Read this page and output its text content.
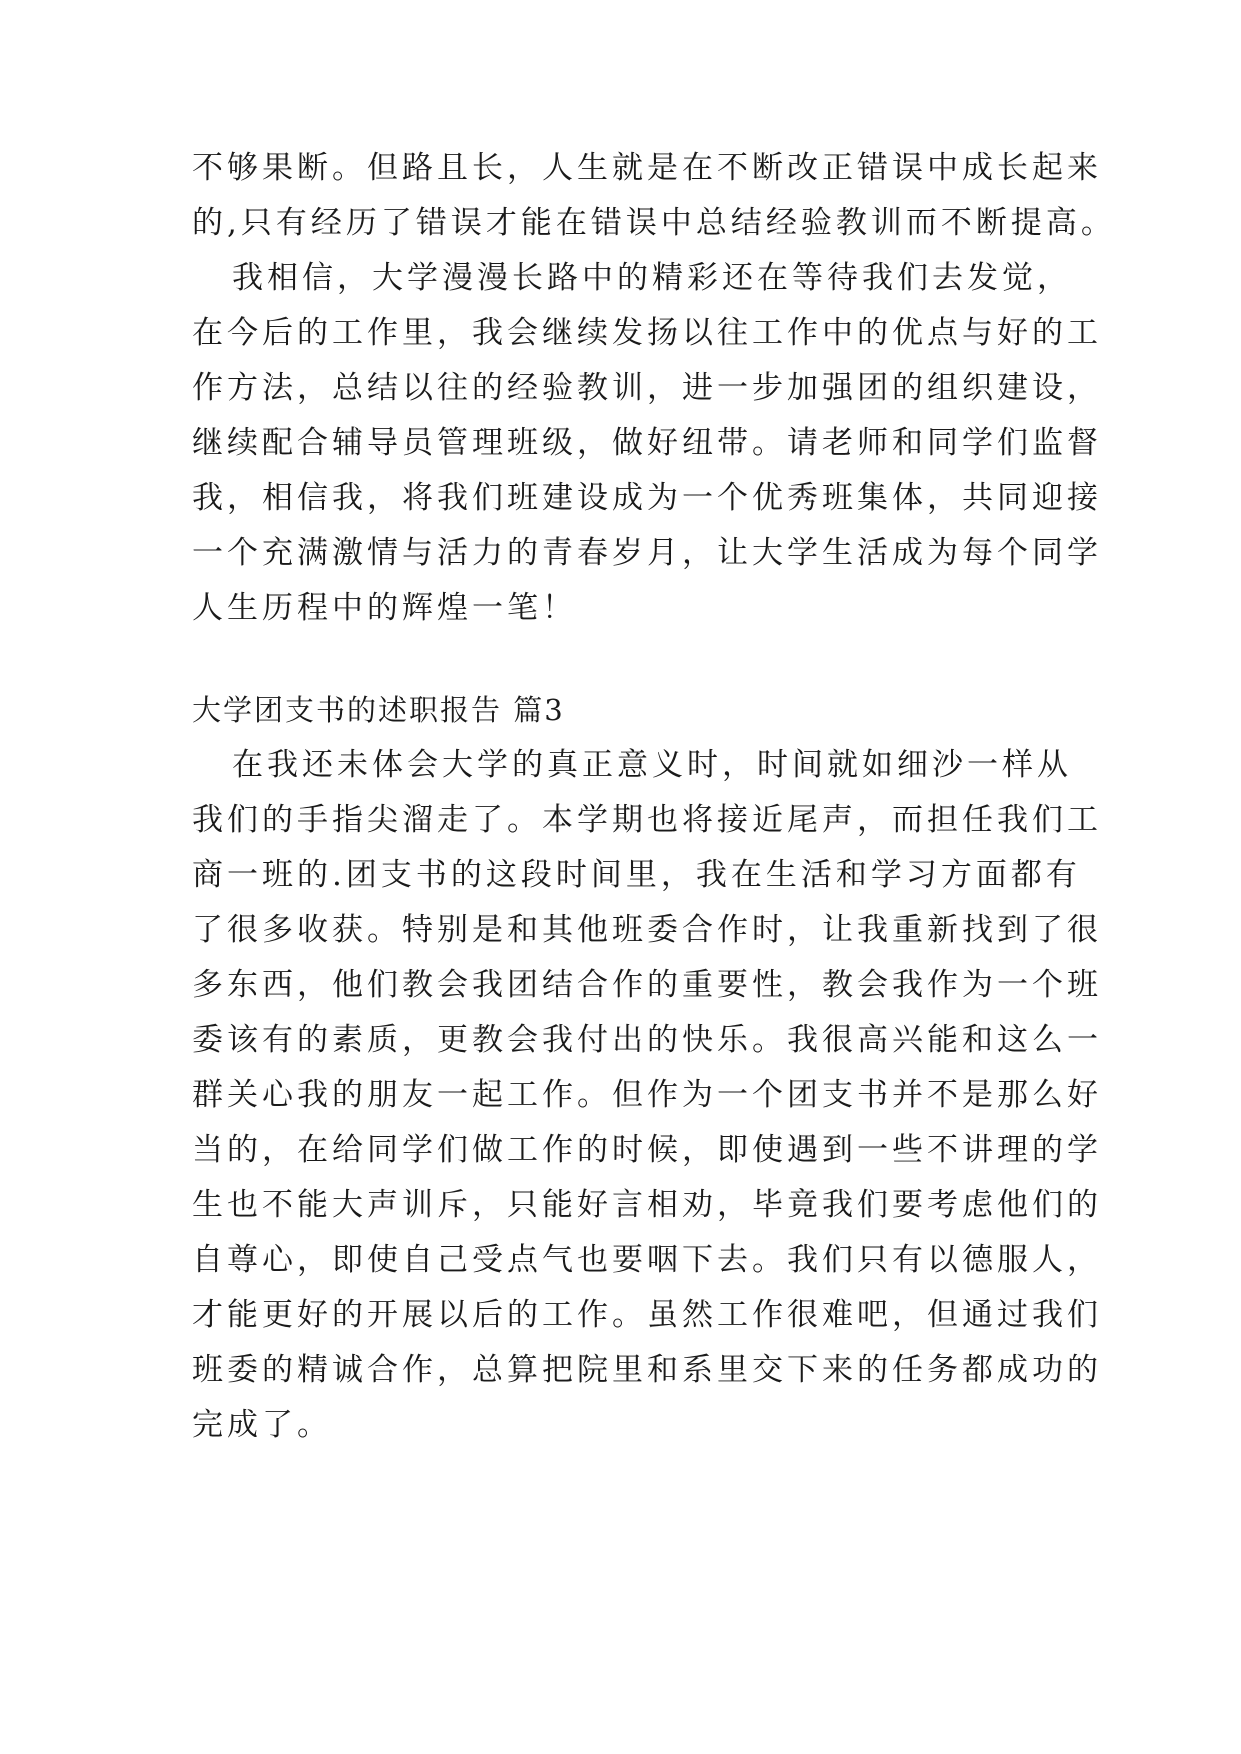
不够果断。但路且长，人生就是在不断改正错误中成长起来
的,只有经历了错误才能在错误中总结经验教训而不断提高。
我相信，大学漫漫长路中的精彩还在等待我们去发觉，
在今后的工作里，我会继续发扬以往工作中的优点与好的工
作方法，总结以往的经验教训，进一步加强团的组织建设，
继续配合辅导员管理班级，做好纽带。请老师和同学们监督
我，相信我，将我们班建设成为一个优秀班集体，共同迎接
一个充满激情与活力的青春岁月，让大学生活成为每个同学
人生历程中的辉煌一笔！
大学团支书的述职报告 篇3
在我还未体会大学的真正意义时，时间就如细沙一样从
我们的手指尖溜走了。本学期也将接近尾声，而担任我们工
商一班的.团支书的这段时间里，我在生活和学习方面都有
了很多收获。特别是和其他班委合作时，让我重新找到了很
多东西，他们教会我团结合作的重要性，教会我作为一个班
委该有的素质，更教会我付出的快乐。我很高兴能和这么一
群关心我的朋友一起工作。但作为一个团支书并不是那么好
当的，在给同学们做工作的时候，即使遇到一些不讲理的学
生也不能大声训斥，只能好言相劝，毕竟我们要考虑他们的
自尊心，即使自己受点气也要咽下去。我们只有以德服人，
才能更好的开展以后的工作。虽然工作很难吧，但通过我们
班委的精诚合作，总算把院里和系里交下来的任务都成功的
完成了。
